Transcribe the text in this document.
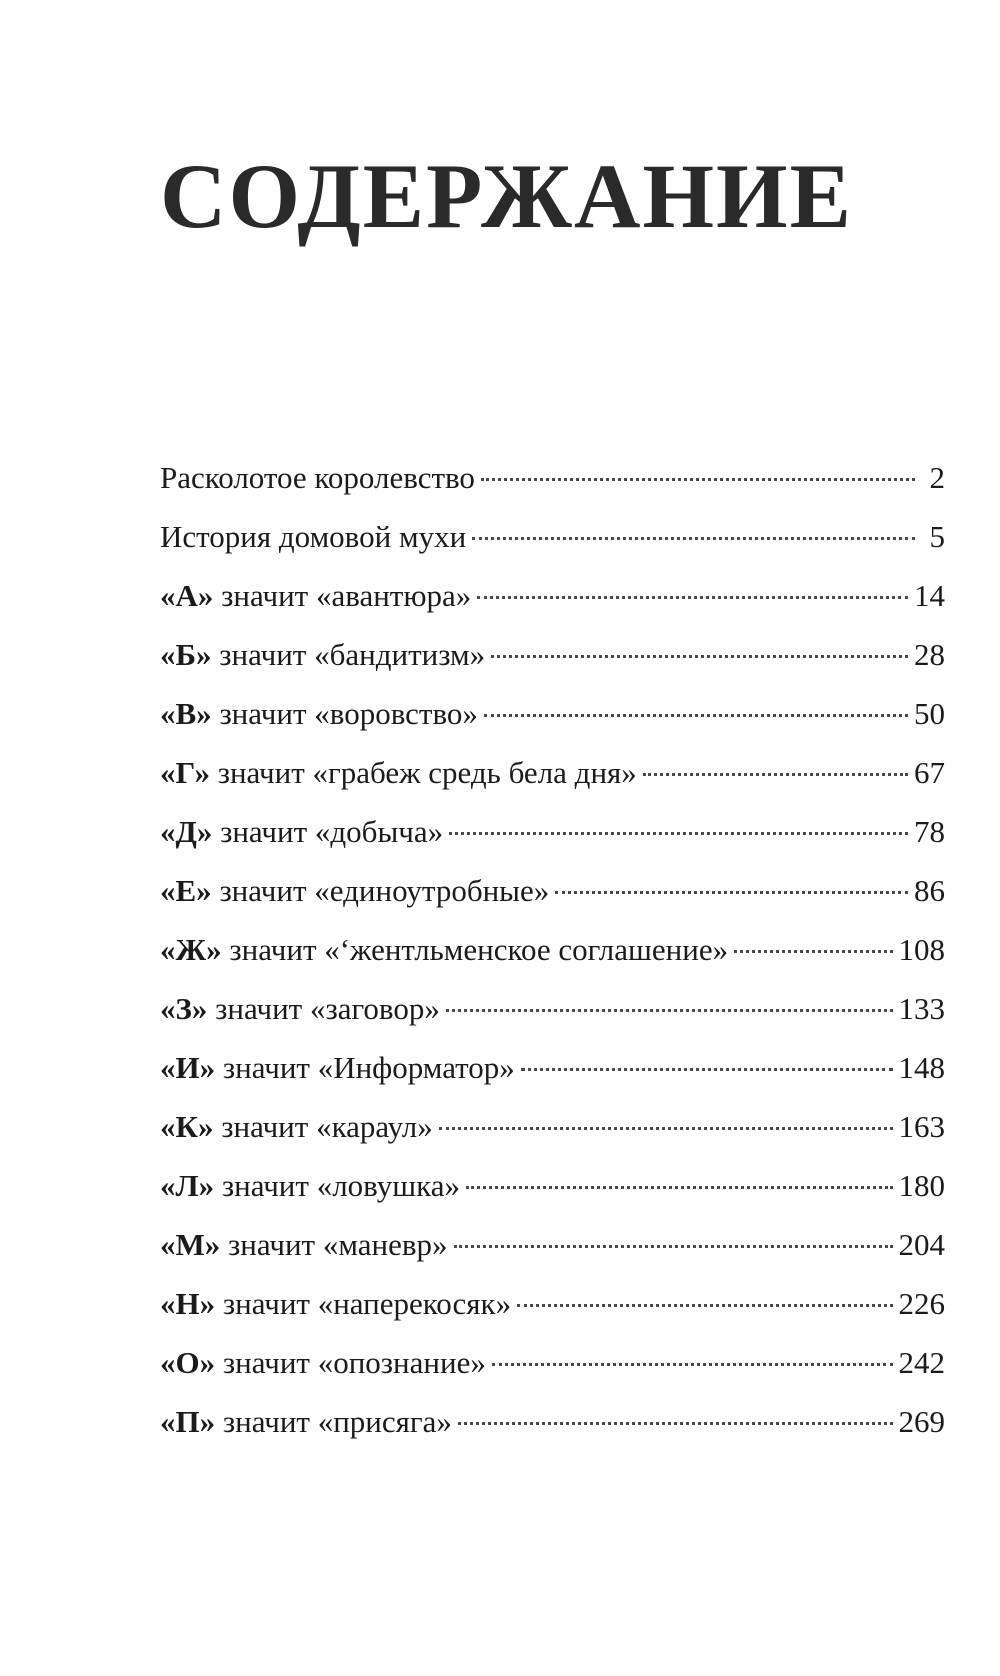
СОДЕРЖАНИЕ
Расколотое королевство	2
История домовой мухи	5
«А» значит «авантюра»	14
«Б» значит «бандитизм»	28
«В» значит «воровство»	50
«Г» значит «грабеж средь бела дня»	67
«Д» значит «добыча»	78
«Е» значит «единоутробные»	86
«Ж» значит «‘жентльменское соглашение»	108
«З» значит «заговор»	133
«И» значит «Информатор»	148
«К» значит «караул»	163
«Л» значит «ловушка»	180
«М» значит «маневр»	204
«Н» значит «наперекосяк»	226
«О» значит «опознание»	242
«П» значит «присяга»	269
